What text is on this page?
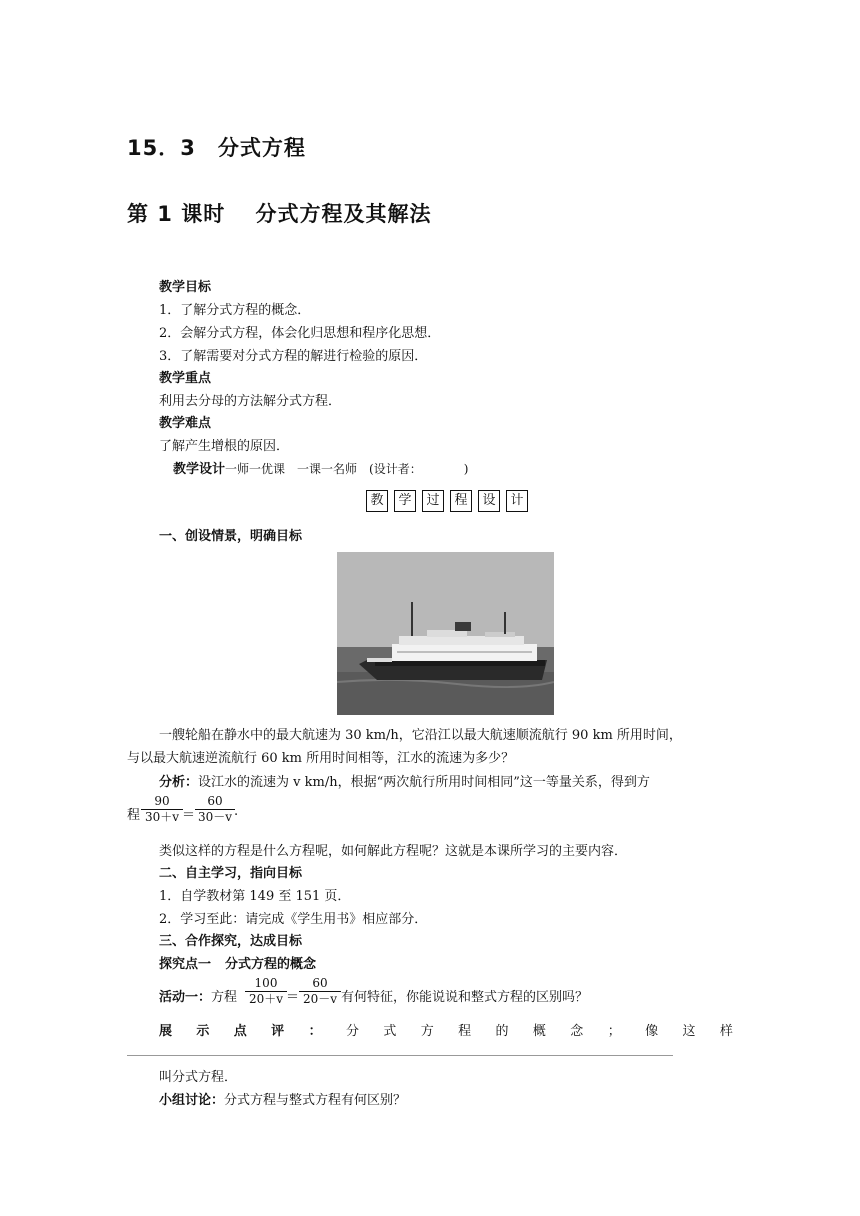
15．3　分式方程
第 1 课时　 分式方程及其解法
教学目标
1．了解分式方程的概念．
2．会解分式方程，体会化归思想和程序化思想．
3．了解需要对分式方程的解进行检验的原因．
教学重点
利用去分母的方法解分式方程．
教学难点
了解产生增根的原因．
教学设计一师一优课　一课一名师　(设计者：　　　　)
教 学 过 程 设 计
一、创设情景，明确目标
一艘轮船在静水中的最大航速为 30 km/h，它沿江以最大航速顺流航行 90 km 所用时间，
与以最大航速逆流航行 60 km 所用时间相等，江水的流速为多少？
分析：设江水的流速为 v km/h，根据“两次航行所用时间相同”这一等量关系，得到方
程
90
30＋v ＝
60
30－v .
类似这样的方程是什么方程呢，如何解此方程呢？这就是本课所学习的主要内容．
二、自主学习，指向目标
1．自学教材第 149 至 151 页．
2．学习至此：请完成《学生用书》相应部分．
三、合作探究，达成目标
探究点一 分式方程的概念
活动一：方程
100
20＋v ＝
60
20－v 有何特征，你能说说和整式方程的区别吗？
展 示 点 评 ： 分 式 方 程 的 概 念 ； 像 这 样
叫分式方程．
小组讨论：分式方程与整式方程有何区别？
